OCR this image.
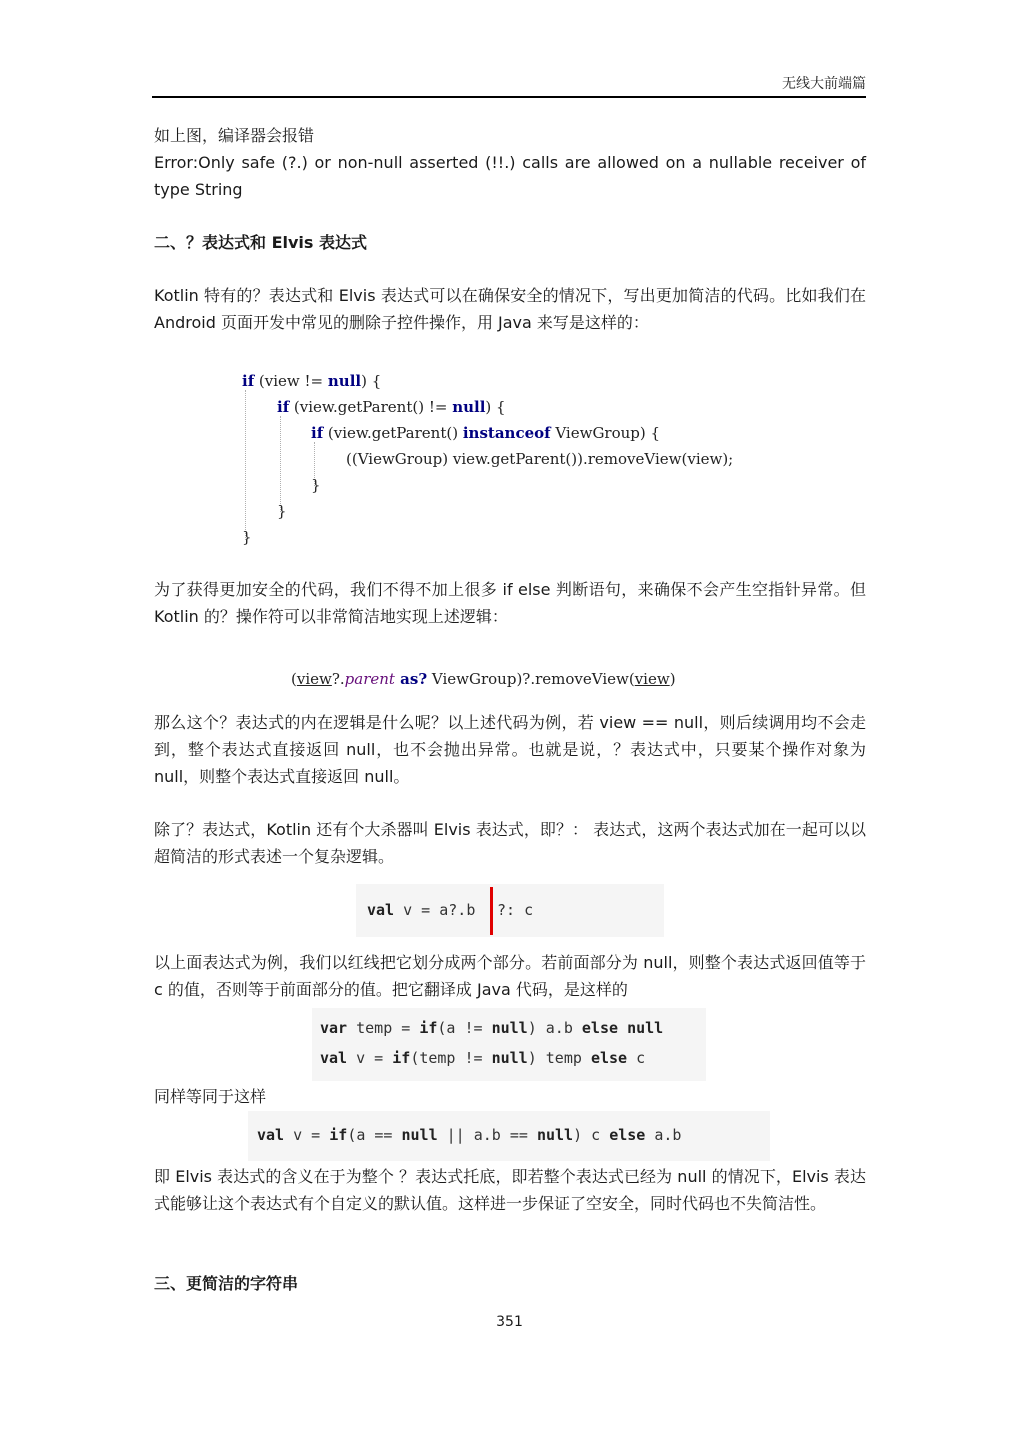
无线大前端篇
如上图，编译器会报错
Error:Only safe (?.) or non-null asserted (!!.) calls are allowed on a nullable receiver of type String
二、？表达式和 Elvis 表达式
Kotlin 特有的？表达式和 Elvis 表达式可以在确保安全的情况下，写出更加简洁的代码。比如我们在 Android 页面开发中常见的删除子控件操作，用 Java 来写是这样的：
if (view != null) {
if (view.getParent() != null) {
if (view.getParent() instanceof ViewGroup) {
((ViewGroup) view.getParent()).removeView(view);
}
}
}
为了获得更加安全的代码，我们不得不加上很多 if else 判断语句，来确保不会产生空指针异常。但 Kotlin 的？操作符可以非常简洁地实现上述逻辑：
(view?.parent as? ViewGroup)?.removeView(view)
那么这个？表达式的内在逻辑是什么呢？以上述代码为例，若 view == null，则后续调用均不会走到，整个表达式直接返回 null，也不会抛出异常。也就是说，？表达式中，只要某个操作对象为 null，则整个表达式直接返回 null。
除了？表达式，Kotlin 还有个大杀器叫 Elvis 表达式，即？： 表达式，这两个表达式加在一起可以以超简洁的形式表述一个复杂逻辑。

val v = a?.b

?: c

以上面表达式为例，我们以红线把它划分成两个部分。若前面部分为 null，则整个表达式返回值等于 c 的值，否则等于前面部分的值。把它翻译成 Java 代码，是这样的

var temp = if(a != null) a.b else null

val v = if(temp != null) temp else c

同样等同于这样

val v = if(a == null || a.b == null) c else a.b

即 Elvis 表达式的含义在于为整个 ？表达式托底，即若整个表达式已经为 null 的情况下，Elvis 表达式能够让这个表达式有个自定义的默认值。这样进一步保证了空安全，同时代码也不失简洁性。
三、更简洁的字符串
351
